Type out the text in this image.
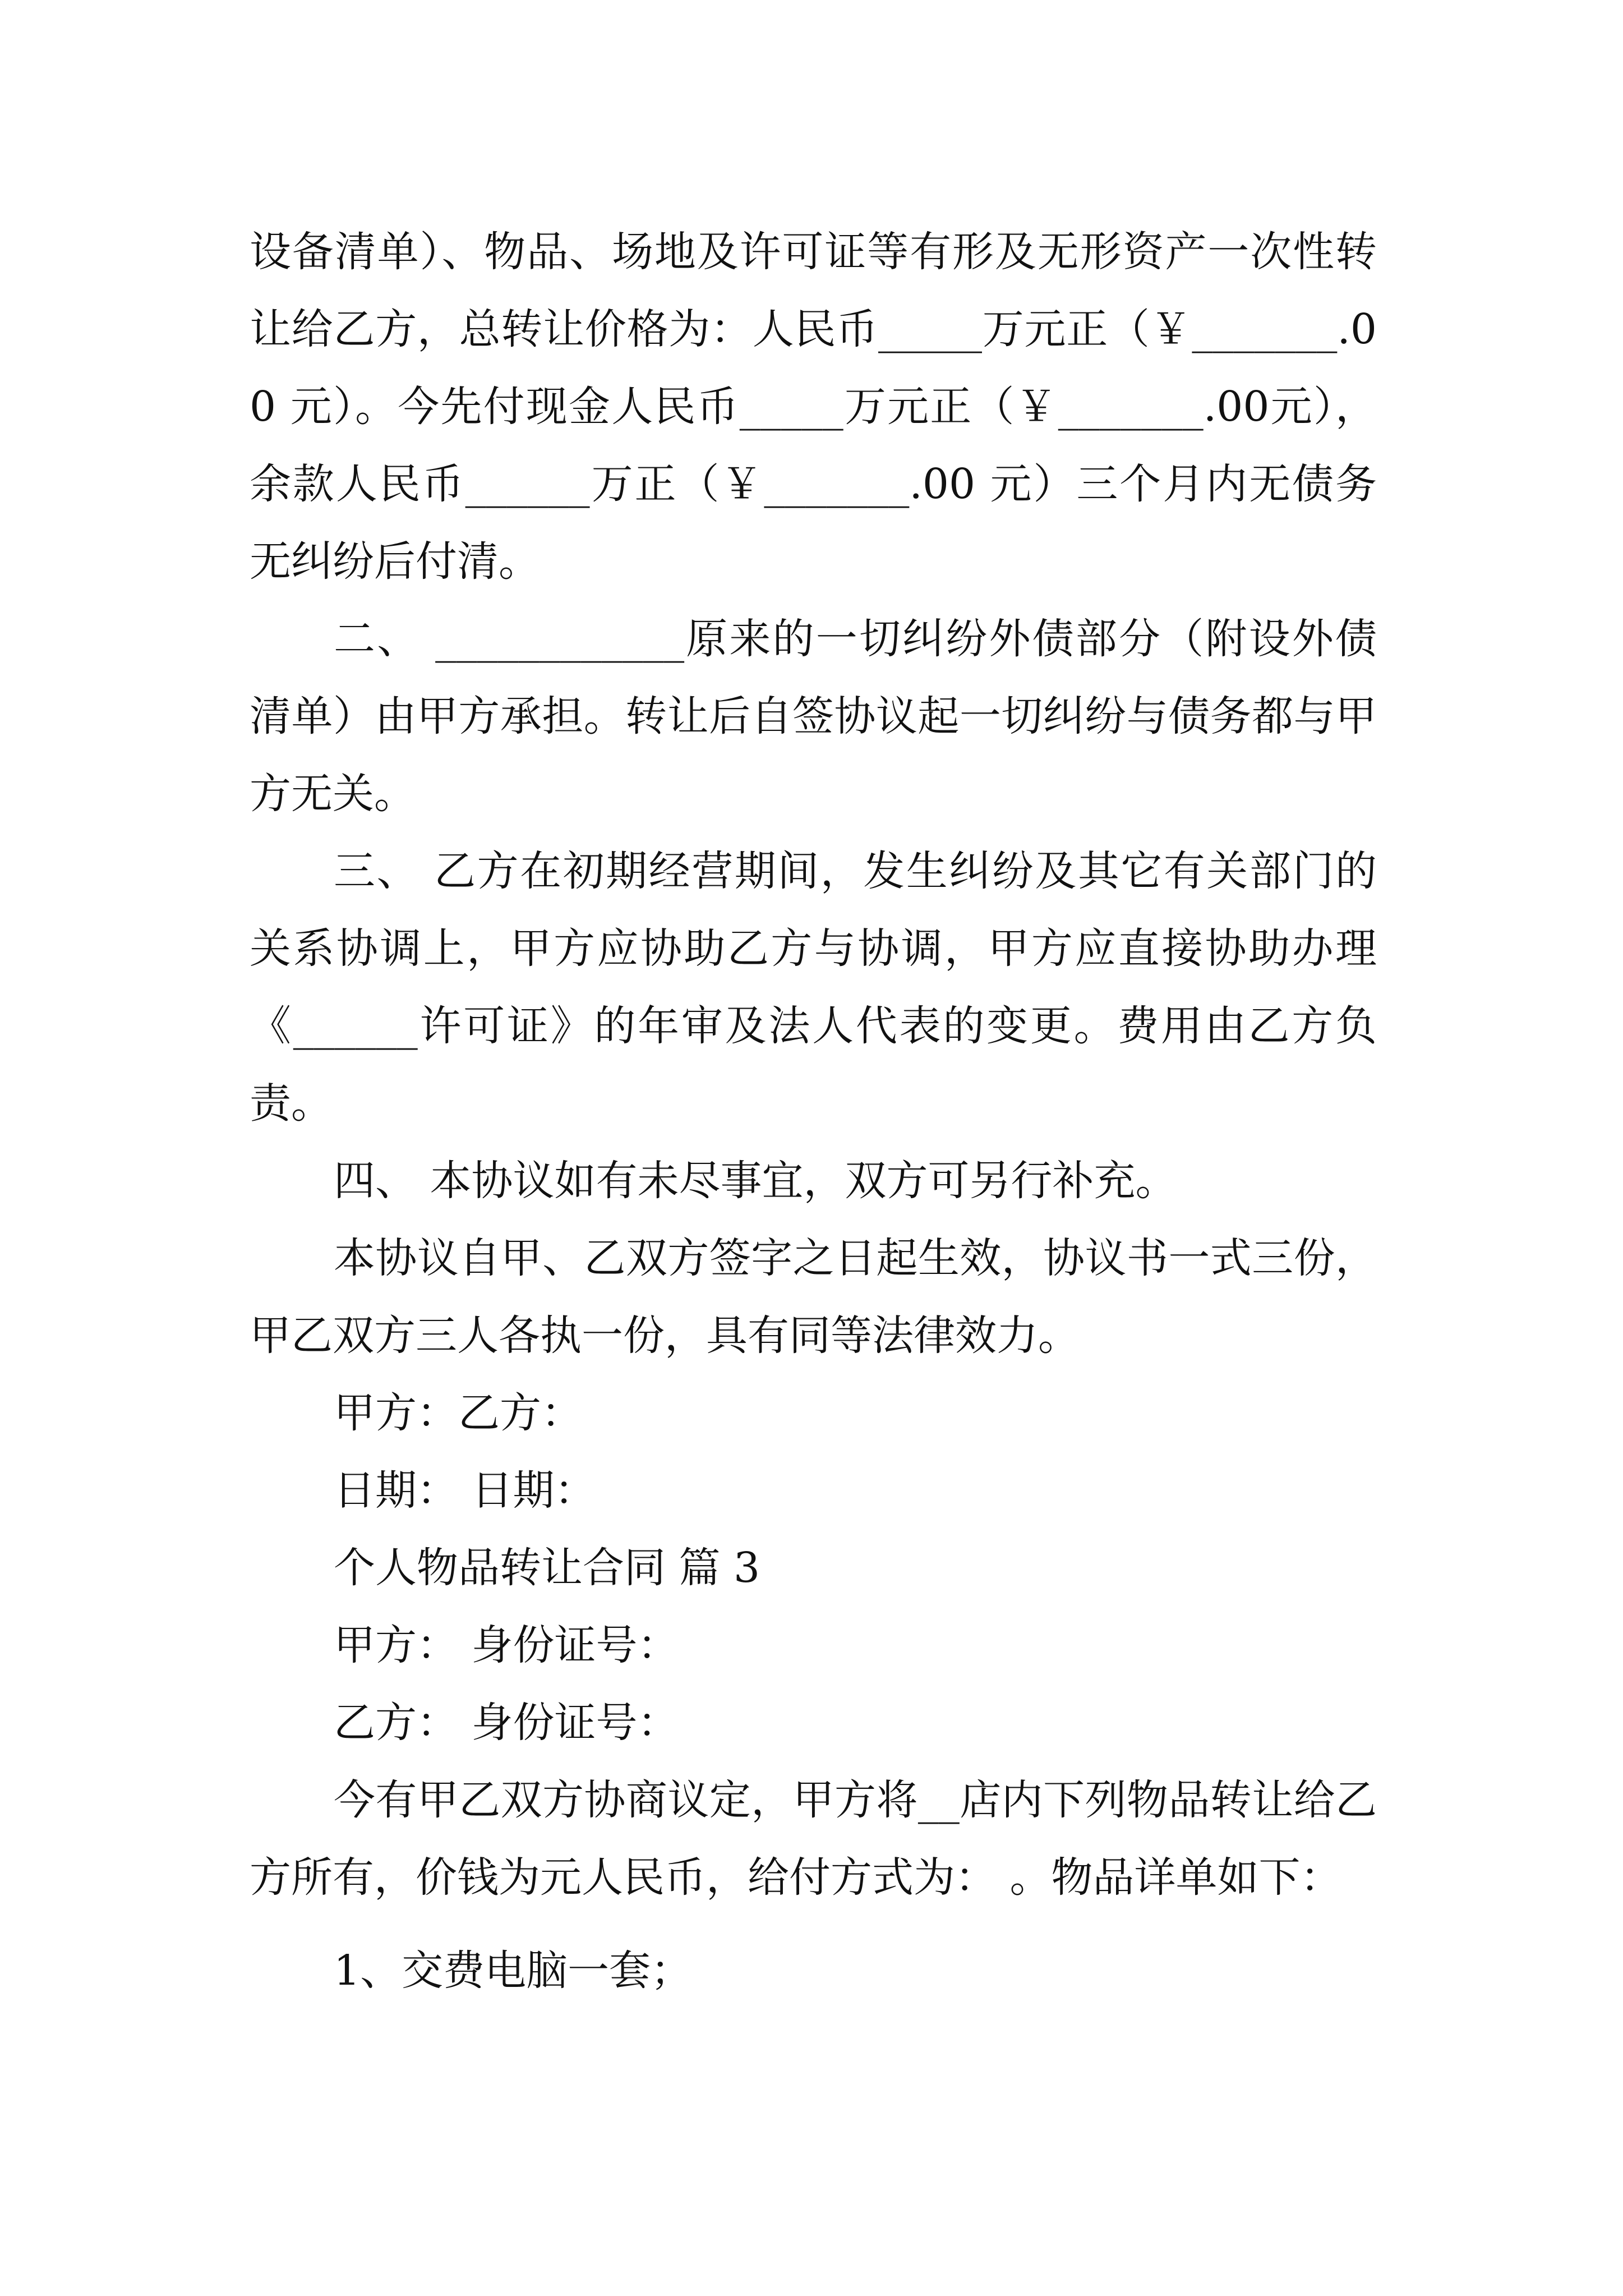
设备清单）、物品、场地及许可证等有形及无形资产一次性转让给乙方，总转让价格为：人民币_____万元正（￥_______.00 元）。今先付现金人民币_____万元正（￥_______.00元），余款人民币______万正（￥_______.00 元）三个月内无债务无纠纷后付清。

二、 ____________原来的一切纠纷外债部分（附设外债清单）由甲方承担。转让后自签协议起一切纠纷与债务都与甲方无关。

三、 乙方在初期经营期间，发生纠纷及其它有关部门的关系协调上，甲方应协助乙方与协调，甲方应直接协助办理《______许可证》的年审及法人代表的变更。费用由乙方负责。

四、 本协议如有未尽事宜，双方可另行补充。

本协议自甲、乙双方签字之日起生效，协议书一式三份，甲乙双方三人各执一份，具有同等法律效力。

甲方：乙方：

日期： 日期：

个人物品转让合同 篇 3

甲方： 身份证号：

乙方： 身份证号：

今有甲乙双方协商议定，甲方将__店内下列物品转让给乙方所有，价钱为元人民币，给付方式为： 。物品详单如下：

1、交费电脑一套；
